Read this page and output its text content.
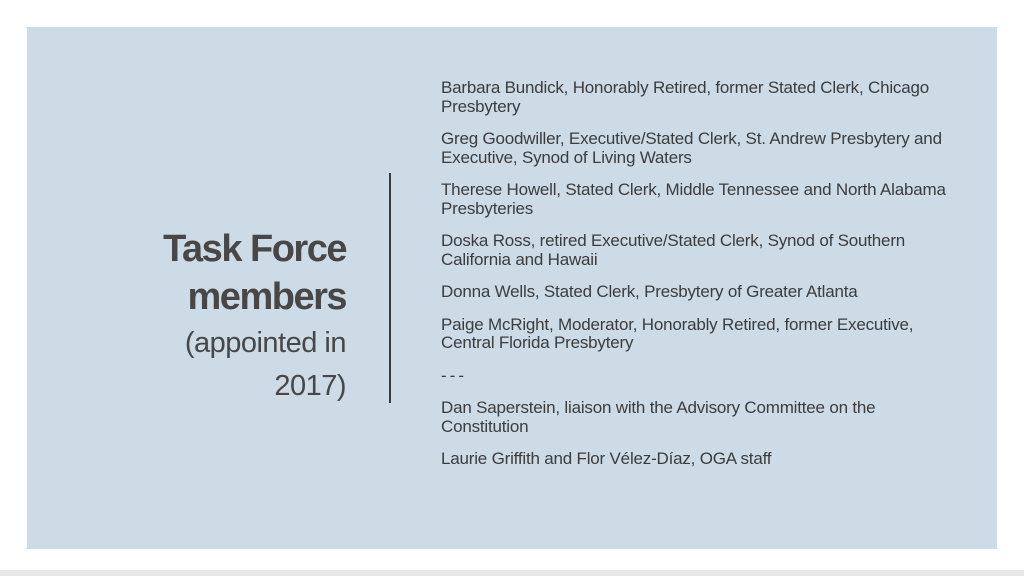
Task Force
members
(appointed in
2017)

Barbara Bundick, Honorably Retired, former Stated Clerk, Chicago Presbytery

Greg Goodwiller, Executive/Stated Clerk, St. Andrew Presbytery and Executive, Synod of Living Waters

Therese Howell, Stated Clerk, Middle Tennessee and North Alabama Presbyteries

Doska Ross, retired Executive/Stated Clerk, Synod of Southern California and Hawaii

Donna Wells, Stated Clerk, Presbytery of Greater Atlanta

Paige McRight, Moderator, Honorably Retired, former Executive, Central Florida Presbytery

---

Dan Saperstein, liaison with the Advisory Committee on the Constitution

Laurie Griffith and Flor Vélez-Díaz, OGA staff
